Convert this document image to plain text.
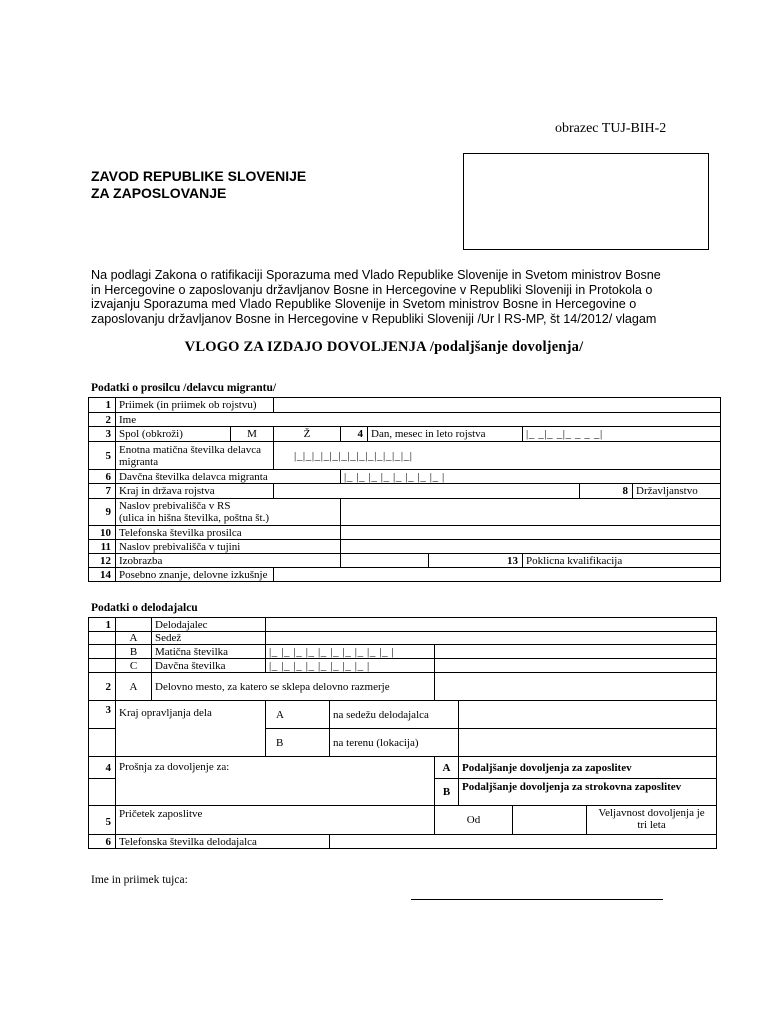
obrazec TUJ-BIH-2
ZAVOD REPUBLIKE SLOVENIJE
ZA ZAPOSLOVANJE
Na podlagi Zakona o ratifikaciji Sporazuma med Vlado Republike Slovenije in Svetom ministrov Bosne
in Hercegovine o zaposlovanju državljanov Bosne in Hercegovine v Republiki Sloveniji in Protokola o
izvajanju Sporazuma med Vlado Republike Slovenije in Svetom ministrov Bosne in Hercegovine o
zaposlovanju državljanov Bosne in Hercegovine v Republiki Sloveniji /Ur l RS-MP, št 14/2012/ vlagam
VLOGO ZA IZDAJO DOVOLJENJA /podaljšanje dovoljenja/
Podatki o prosilcu /delavcu migrantu/
1	Priimek (in priimek ob rojstvu)								
2	Ime								
3	Spol (obkroži)	M	Ž	4	Dan, mesec in leto rojstva		|_ _|_ _|_ _ _ _|		
5	Enotna matična številka delavca
migranta		|_|_|_|_|_|_|_|_|_|_|_|_|_|						
6	Davčna številka delavca migranta			|_ |_ |_ |_ |_ |_ |_ |_ |					
7	Kraj in država rojstva							8	Državljanstvo
9	Naslov prebivališča v RS
(ulica in hišna številka, poštna št.)								

10	Telefonska številka prosilca								
11	Naslov prebivališča v tujini								
12	Izobrazba					13	Poklicna kvalifikacija		
14	Posebno znanje, delovne izkušnje								
Podatki o delodajalcu
1		Delodajalec						
	A	Sedež						
	B	Matična številka	|_ |_ |_ |_ |_ |_ |_ |_ |_ |_ |					
	C	Davčna številka	|_ |_ |_ |_ |_ |_ |_ |_ |					
2	A	Delovno mesto, za katero se sklepa delovno razmerje						
3	Kraj opravljanja dela		A	na sedežu delodajalca				
			B	na terenu (lokacija)				
4	Prošnja za dovoljenje za:				A	Podaljšanje dovoljenja za zaposlitev		
					B	Podaljšanje dovoljenja za strokovna zaposlitev		
5	Pričetek zaposlitve				Od			Veljavnost dovoljenja je
tri leta

6	Telefonska številka delodajalca							
Ime in priimek tujca:
